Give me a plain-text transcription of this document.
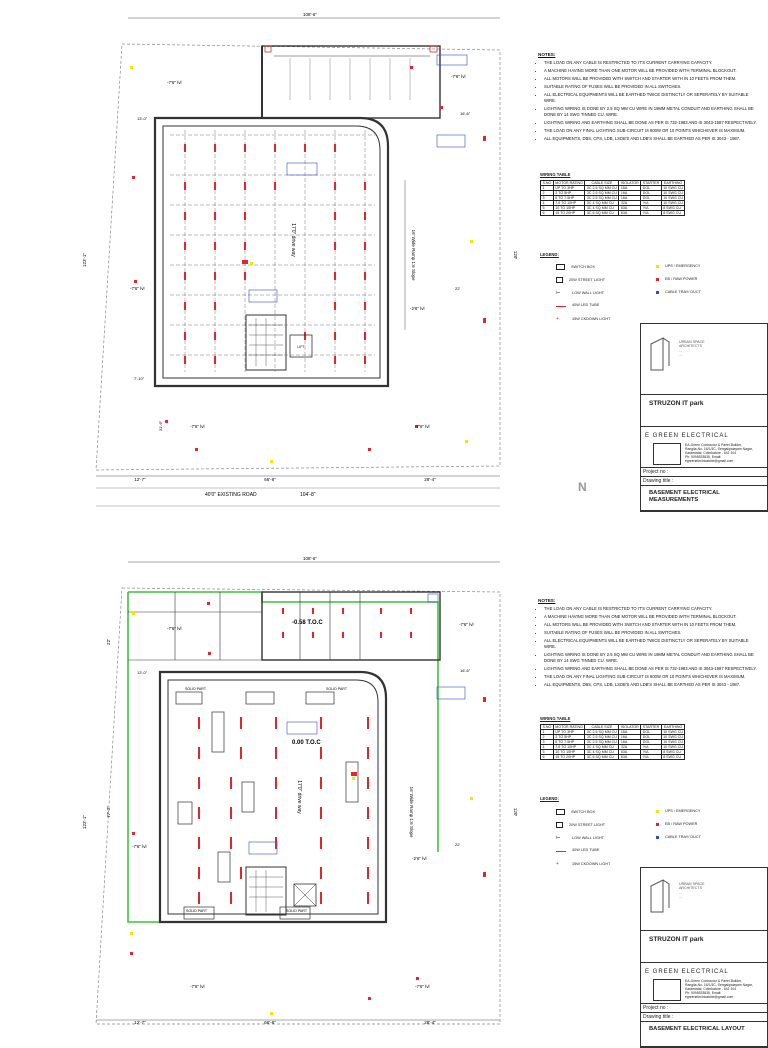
108'-6"
LIFT
16' Wide Ramp 1:6 Slope
17'0" drive way
-7'6" lvl
-7'6" lvl
-7'6" lvl
-7'6" lvl	-7'6" lvl
-2'6" lvl
123'-1"	120'
13'-0"
16'-6"
22'
7'-10"
31'-6"
12'-7"	66'-8"	28'-4"
40'0" EXISTING ROAD	104'-8"
N
NOTES:
• THE LOAD ON ANY CABLE IS RESTRICTED TO IT'S CURRENT CARRYING CAPACITY.
• A MACHINE HAVING MORE THAN ONE MOTOR WILL BE PROVIDED WITH TERMINAL BLOCKOUT.
• ALL MOTORS WILL BE PROVIDED WITH SWITCH AND STARTER WITH IN 10 FEETS FROM THEM.
• SUITABLE RATING OF FUSES WILL BE PROVIDED IN ALL SWITCHES.
• ALL ELECTRICAL EQUIPMENTS WILL BE EARTHED TWICE DISTINCTLY OR SEPERATELY BY SUITABLE WIRE.
• LIGHTING WIRING IS DONE BY 2.5 SQ MM CU WIRE IN 19MM METAL CONDUIT AND EARTHING SHALL BE DONE BY 14 SWG TINNED CU. WIRE.
• LIGHTING WIRING AND EARTHING SHALL BE DONE AS PER IS 732-1983 AND IS 3043-1987 RESPECTIVELY.
• THE LOAD ON ANY FINAL LIGHTING SUB-CIRCUIT IS 800W OR 10 POINTS WHICHEVER IS MAXIMUM.
• ALL EQUIPMENTS, DBS, CPS, LDB, LSDB'S AND LDB'S SHALL BE EARTHED AS PER IS 3043 - 1987.
WIRING TABLE
S.NO	MOTOR RATING	CABLE SIZE	ISOLATOR	STARTER	EARTHING
1	UP TO 3HP	3C 2.5 SQ MM CU	16A	DOL	10 SWG CU
2	3 TO 5HP	3C 2.5 SQ MM CU	16A	DOL	10 SWG CU
3	5 TO 7.5HP	3C 2.5 SQ MM CU	16A	DOL	10 SWG CU
4	7.5 TO 10HP	3C 4 SQ MM CU	32A	Y/Δ	10 SWG CU
5	10 TO 15HP	3C 4 SQ MM CU	63A	Y/Δ	8 SWG CU
6	15 TO 20HP	3C 6 SQ MM CU	63A	Y/Δ	8 SWG CU
LEGEND:
SWITCH BOX
20W STREET LIGHT
⊢	LOW WALL LIGHT
40W LED TUBE
+	15W CKDOWN LIGHT
UPS / EMERGENCY
EB / RAW POWER
CABLE TRAY/ DUCT
URBAN SPACE
ARCHITECTS
...
...
STRUZON IT park
E GREEN ELECTRICAL
EA-Green Contractor & Panel Builder,
Rangila-No. 16/1/3C, Sengalipalayam Nagar,
Karamadai, Coimbatore - 641 104
Ph: 9095533835, Email: egreenelectricalcbe@gmail.com
Project no :
Drawing title :
BASEMENT ELECTRICAL
MEASUREMENTS

108'-6"
-0.58 T.O.C
0.00 T.O.C
17'0" drive way	16' Wide Ramp 1:6 Slope
SOLID PART	SOLID PART
SOLID PART	SOLID PART
-7'6" lvl
-7'6" lvl
-7'6" lvl
-7'6" lvl	-7'6" lvl
-2'6" lvl
123'-1"
120'
77'-3"
22'
13'-0"	16'-6"
22'
12'-7"	66'-8"	28'-4"
NOTES:
• THE LOAD ON ANY CABLE IS RESTRICTED TO IT'S CURRENT CARRYING CAPACITY.
• A MACHINE HAVING MORE THAN ONE MOTOR WILL BE PROVIDED WITH TERMINAL BLOCKOUT.
• ALL MOTORS WILL BE PROVIDED WITH SWITCH AND STARTER WITH IN 10 FEETS FROM THEM.
• SUITABLE RATING OF FUSES WILL BE PROVIDED IN ALL SWITCHES.
• ALL ELECTRICAL EQUIPMENTS WILL BE EARTHED TWICE DISTINCTLY OR SEPERATELY BY SUITABLE WIRE.
• LIGHTING WIRING IS DONE BY 2.5 SQ MM CU WIRE IN 19MM METAL CONDUIT AND EARTHING SHALL BE DONE BY 14 SWG TINNED CU. WIRE.
• LIGHTING WIRING AND EARTHING SHALL BE DONE AS PER IS 732-1983 AND IS 3043-1987 RESPECTIVELY.
• THE LOAD ON ANY FINAL LIGHTING SUB-CIRCUIT IS 800W OR 10 POINTS WHICHEVER IS MAXIMUM.
• ALL EQUIPMENTS, DBS, CPS, LDB, LSDB'S AND LDB'S SHALL BE EARTHED AS PER IS 3043 - 1987.
WIRING TABLE
S.NO	MOTOR RATING	CABLE SIZE	ISOLATOR	STARTER	EARTHING
1	UP TO 3HP	3C 2.5 SQ MM CU	16A	DOL	10 SWG CU
2	3 TO 5HP	3C 2.5 SQ MM CU	16A	DOL	10 SWG CU
3	5 TO 7.5HP	3C 2.5 SQ MM CU	16A	DOL	10 SWG CU
4	7.5 TO 10HP	3C 4 SQ MM CU	32A	Y/Δ	10 SWG CU
5	10 TO 15HP	3C 4 SQ MM CU	63A	Y/Δ	8 SWG CU
6	15 TO 20HP	3C 6 SQ MM CU	63A	Y/Δ	8 SWG CU
LEGEND:
SWITCH BOX
20W STREET LIGHT
⊢	LOW WALL LIGHT
40W LED TUBE
+	15W CKDOWN LIGHT
UPS / EMERGENCY
EB / RAW POWER
CABLE TRAY/ DUCT
URBAN SPACE
ARCHITECTS
...
...
STRUZON IT park
E GREEN ELECTRICAL
EA-Green Contractor & Panel Builder,
Rangila-No. 16/1/3C, Sengalipalayam Nagar,
Karamadai, Coimbatore - 641 104
Ph: 9095533835, Email: egreenelectricalcbe@gmail.com
Project no :
Drawing title :
BASEMENT ELECTRICAL LAYOUT
